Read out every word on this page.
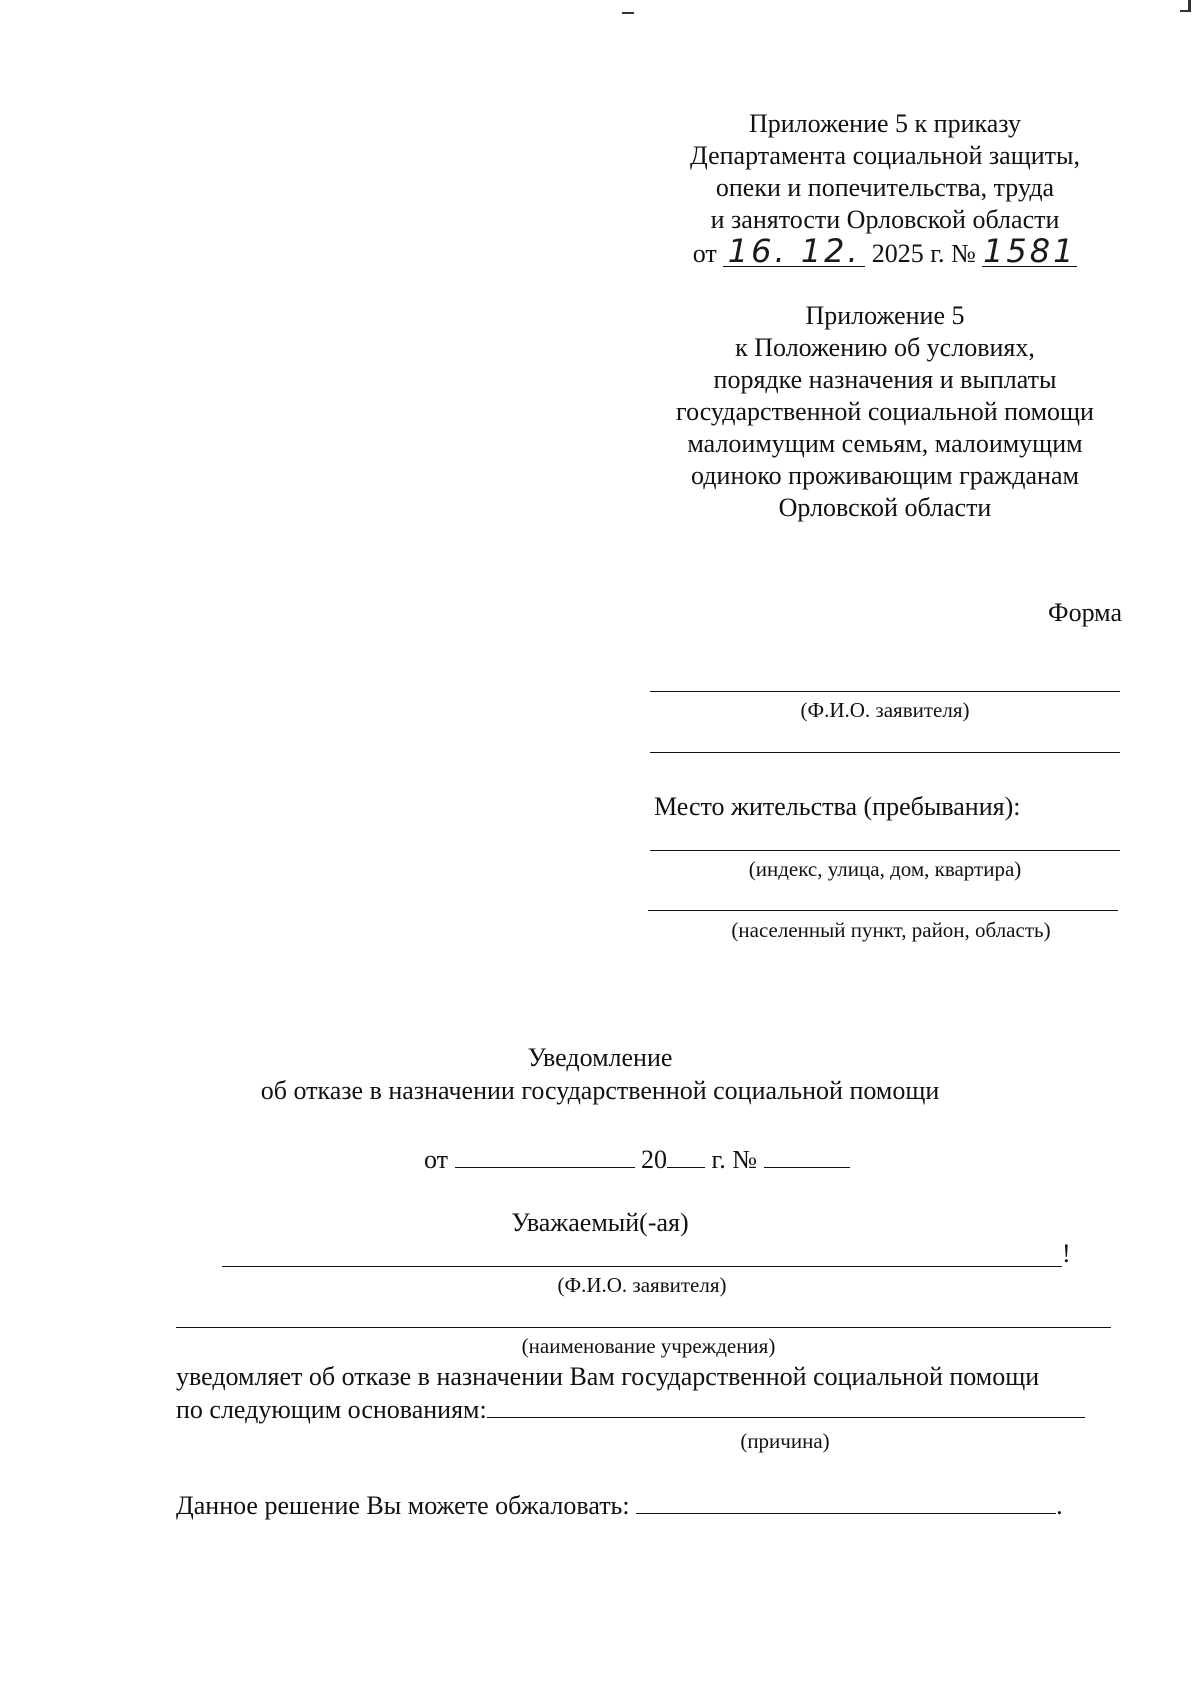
Приложение 5 к приказу
Департамента социальной защиты,
опеки и попечительства, труда
и занятости Орловской области
от 16. 12. 2025 г. № 1581
Приложение 5
к Положению об условиях,
порядке назначения и выплаты
государственной социальной помощи
малоимущим семьям, малоимущим
одиноко проживающим гражданам
Орловской области
Форма
(Ф.И.О. заявителя)
Место жительства (пребывания):
(индекс, улица, дом, квартира)
(населенный пункт, район, область)
Уведомление
об отказе в назначении государственной социальной помощи
от	20 г. №
Уважаемый(-ая)
!
(Ф.И.О. заявителя)
(наименование учреждения)
уведомляет об отказе в назначении Вам государственной социальной помощи
по следующим основаниям:
(причина)
Данное решение Вы можете обжаловать:	.
